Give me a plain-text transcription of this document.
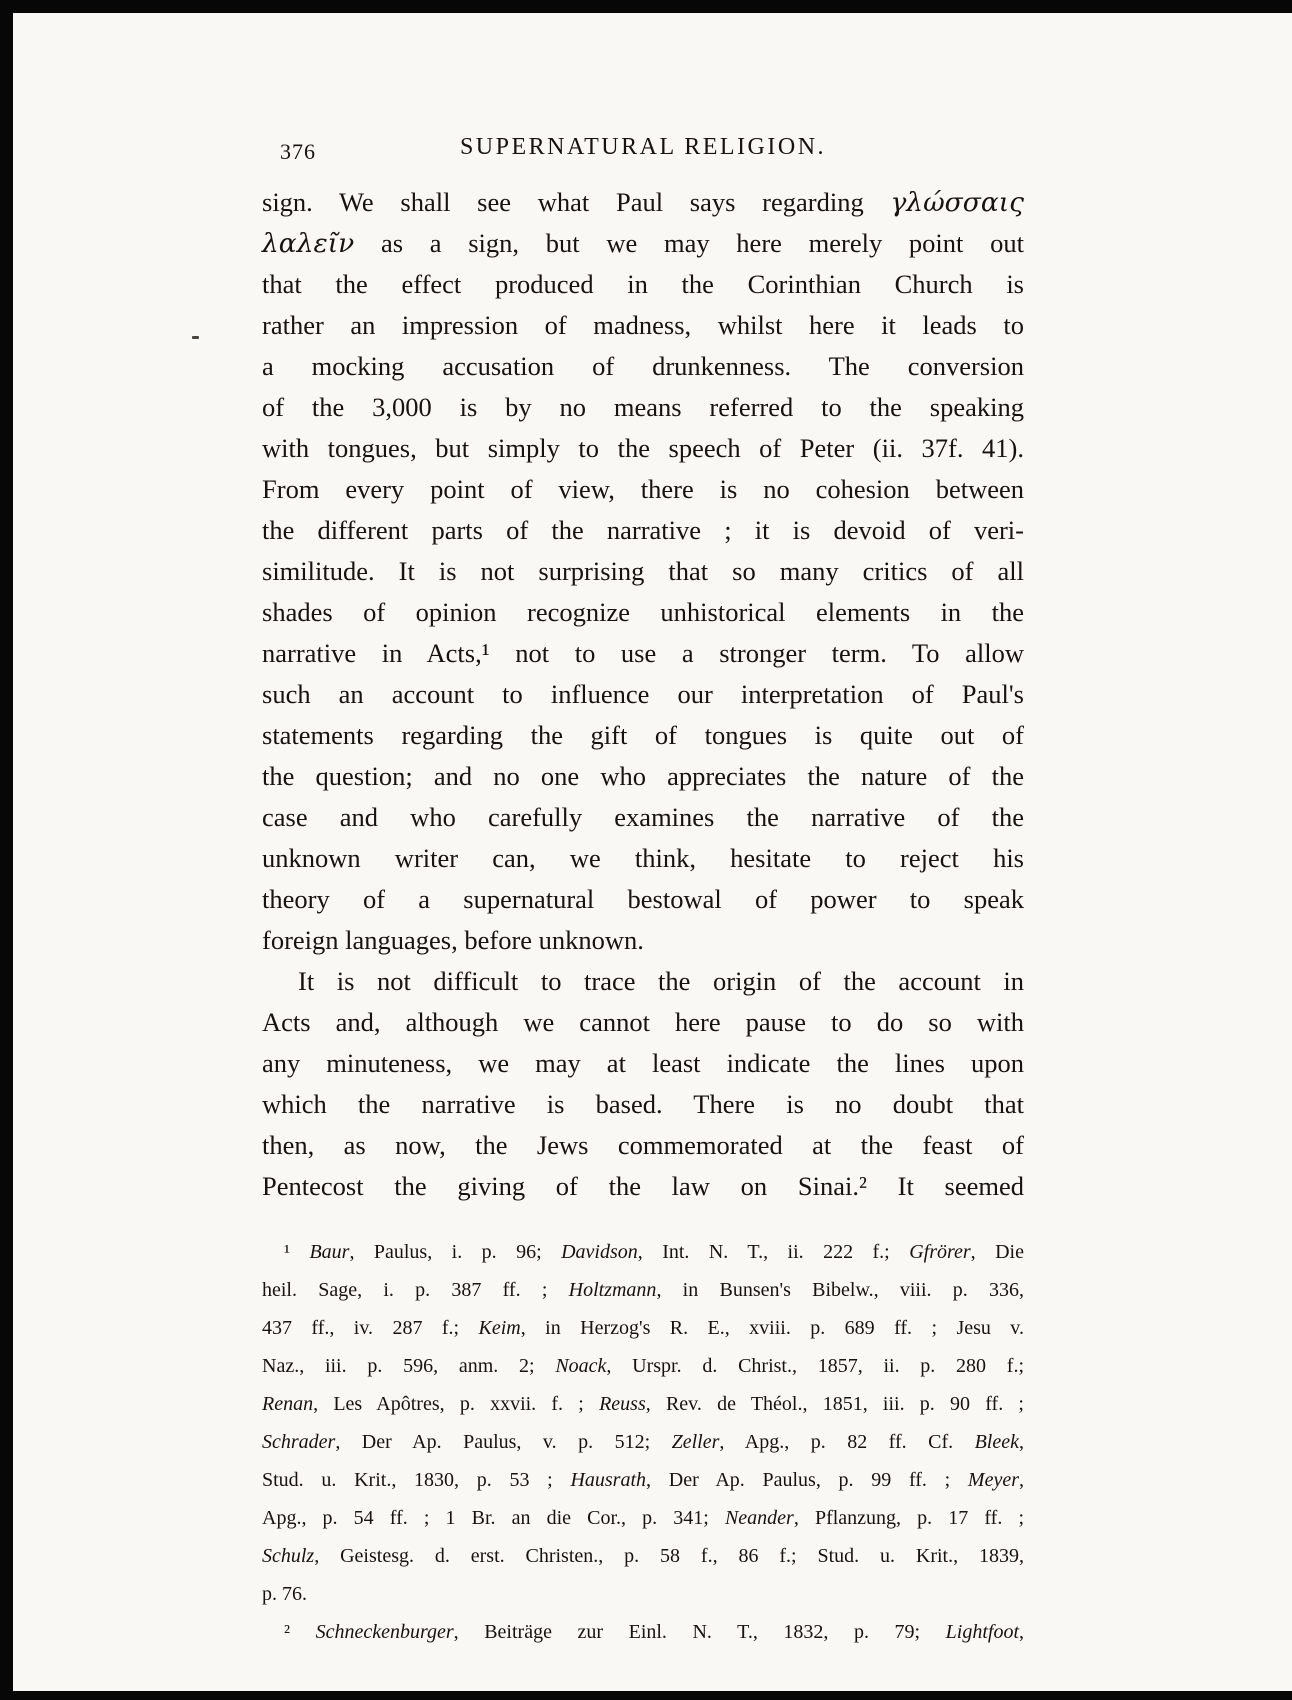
376	SUPERNATURAL RELIGION.
sign. We shall see what Paul says regarding γλώσσαις
λαλεῖν as a sign, but we may here merely point out
that the effect produced in the Corinthian Church is
rather an impression of madness, whilst here it leads to
a mocking accusation of drunkenness. The conversion
of the 3,000 is by no means referred to the speaking
with tongues, but simply to the speech of Peter (ii. 37f. 41).
From every point of view, there is no cohesion between
the different parts of the narrative ; it is devoid of veri-
similitude. It is not surprising that so many critics of all
shades of opinion recognize unhistorical elements in the
narrative in Acts,¹ not to use a stronger term. To allow
such an account to influence our interpretation of Paul's
statements regarding the gift of tongues is quite out of
the question; and no one who appreciates the nature of the
case and who carefully examines the narrative of the
unknown writer can, we think, hesitate to reject his
theory of a supernatural bestowal of power to speak
foreign languages, before unknown.
It is not difficult to trace the origin of the account in
Acts and, although we cannot here pause to do so with
any minuteness, we may at least indicate the lines upon
which the narrative is based. There is no doubt that
then, as now, the Jews commemorated at the feast of
Pentecost the giving of the law on Sinai.² It seemed
¹ Baur, Paulus, i. p. 96; Davidson, Int. N. T., ii. 222 f.; Gfrörer, Die
heil. Sage, i. p. 387 ff. ; Holtzmann, in Bunsen's Bibelw., viii. p. 336,
437 ff., iv. 287 f.; Keim, in Herzog's R. E., xviii. p. 689 ff. ; Jesu v.
Naz., iii. p. 596, anm. 2; Noack, Urspr. d. Christ., 1857, ii. p. 280 f.;
Renan, Les Apôtres, p. xxvii. f. ; Reuss, Rev. de Théol., 1851, iii. p. 90 ff. ;
Schrader, Der Ap. Paulus, v. p. 512; Zeller, Apg., p. 82 ff. Cf. Bleek,
Stud. u. Krit., 1830, p. 53 ; Hausrath, Der Ap. Paulus, p. 99 ff. ; Meyer,
Apg., p. 54 ff. ; 1 Br. an die Cor., p. 341; Neander, Pflanzung, p. 17 ff. ;
Schulz, Geistesg. d. erst. Christen., p. 58 f., 86 f.; Stud. u. Krit., 1839,
p. 76.
² Schneckenburger, Beiträge zur Einl. N. T., 1832, p. 79; Lightfoot,
